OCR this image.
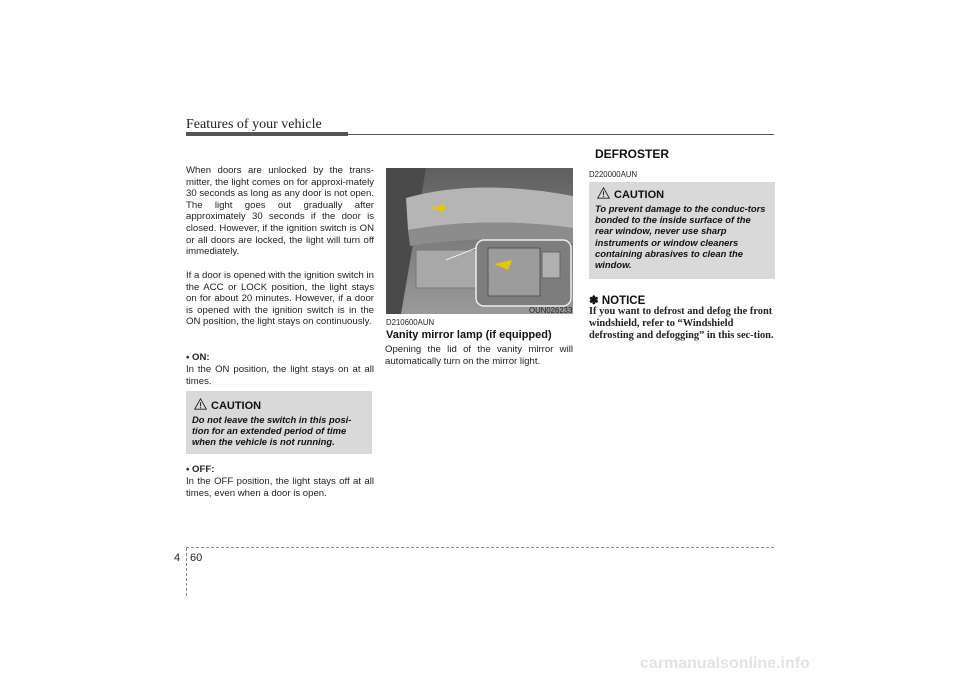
Features of your vehicle
When doors are unlocked by the trans-mitter, the light comes on for approxi-mately 30 seconds as long as any door is not open. The light goes out gradually after approximately 30 seconds if the door is closed. However, if the ignition switch is ON or all doors are locked, the light will turn off immediately.
If a door is opened with the ignition switch in the ACC or LOCK position, the light stays on for about 20 minutes. However, if a door is opened with the ignition switch is in the ON position, the light stays on continuously.
• ON:
In the ON position, the light stays on at all times.
CAUTION
Do not leave the switch in this posi-tion for an extended period of time when the vehicle is not running.
• OFF:
In the OFF position, the light stays off at all times, even when a door is open.
OUN026233
D210600AUN
Vanity mirror lamp (if equipped)
Opening the lid of the vanity mirror will automatically turn on the mirror light.
DEFROSTER
D220000AUN
CAUTION
To prevent damage to the conduc-tors bonded to the inside surface of the rear window, never use sharp instruments or window cleaners containing abrasives to clean the window.
✽ NOTICE
If you want to defrost and defog the front windshield, refer to “Windshield defrosting and defogging” in this sec-tion.
4 60
carmanualsonline.info
